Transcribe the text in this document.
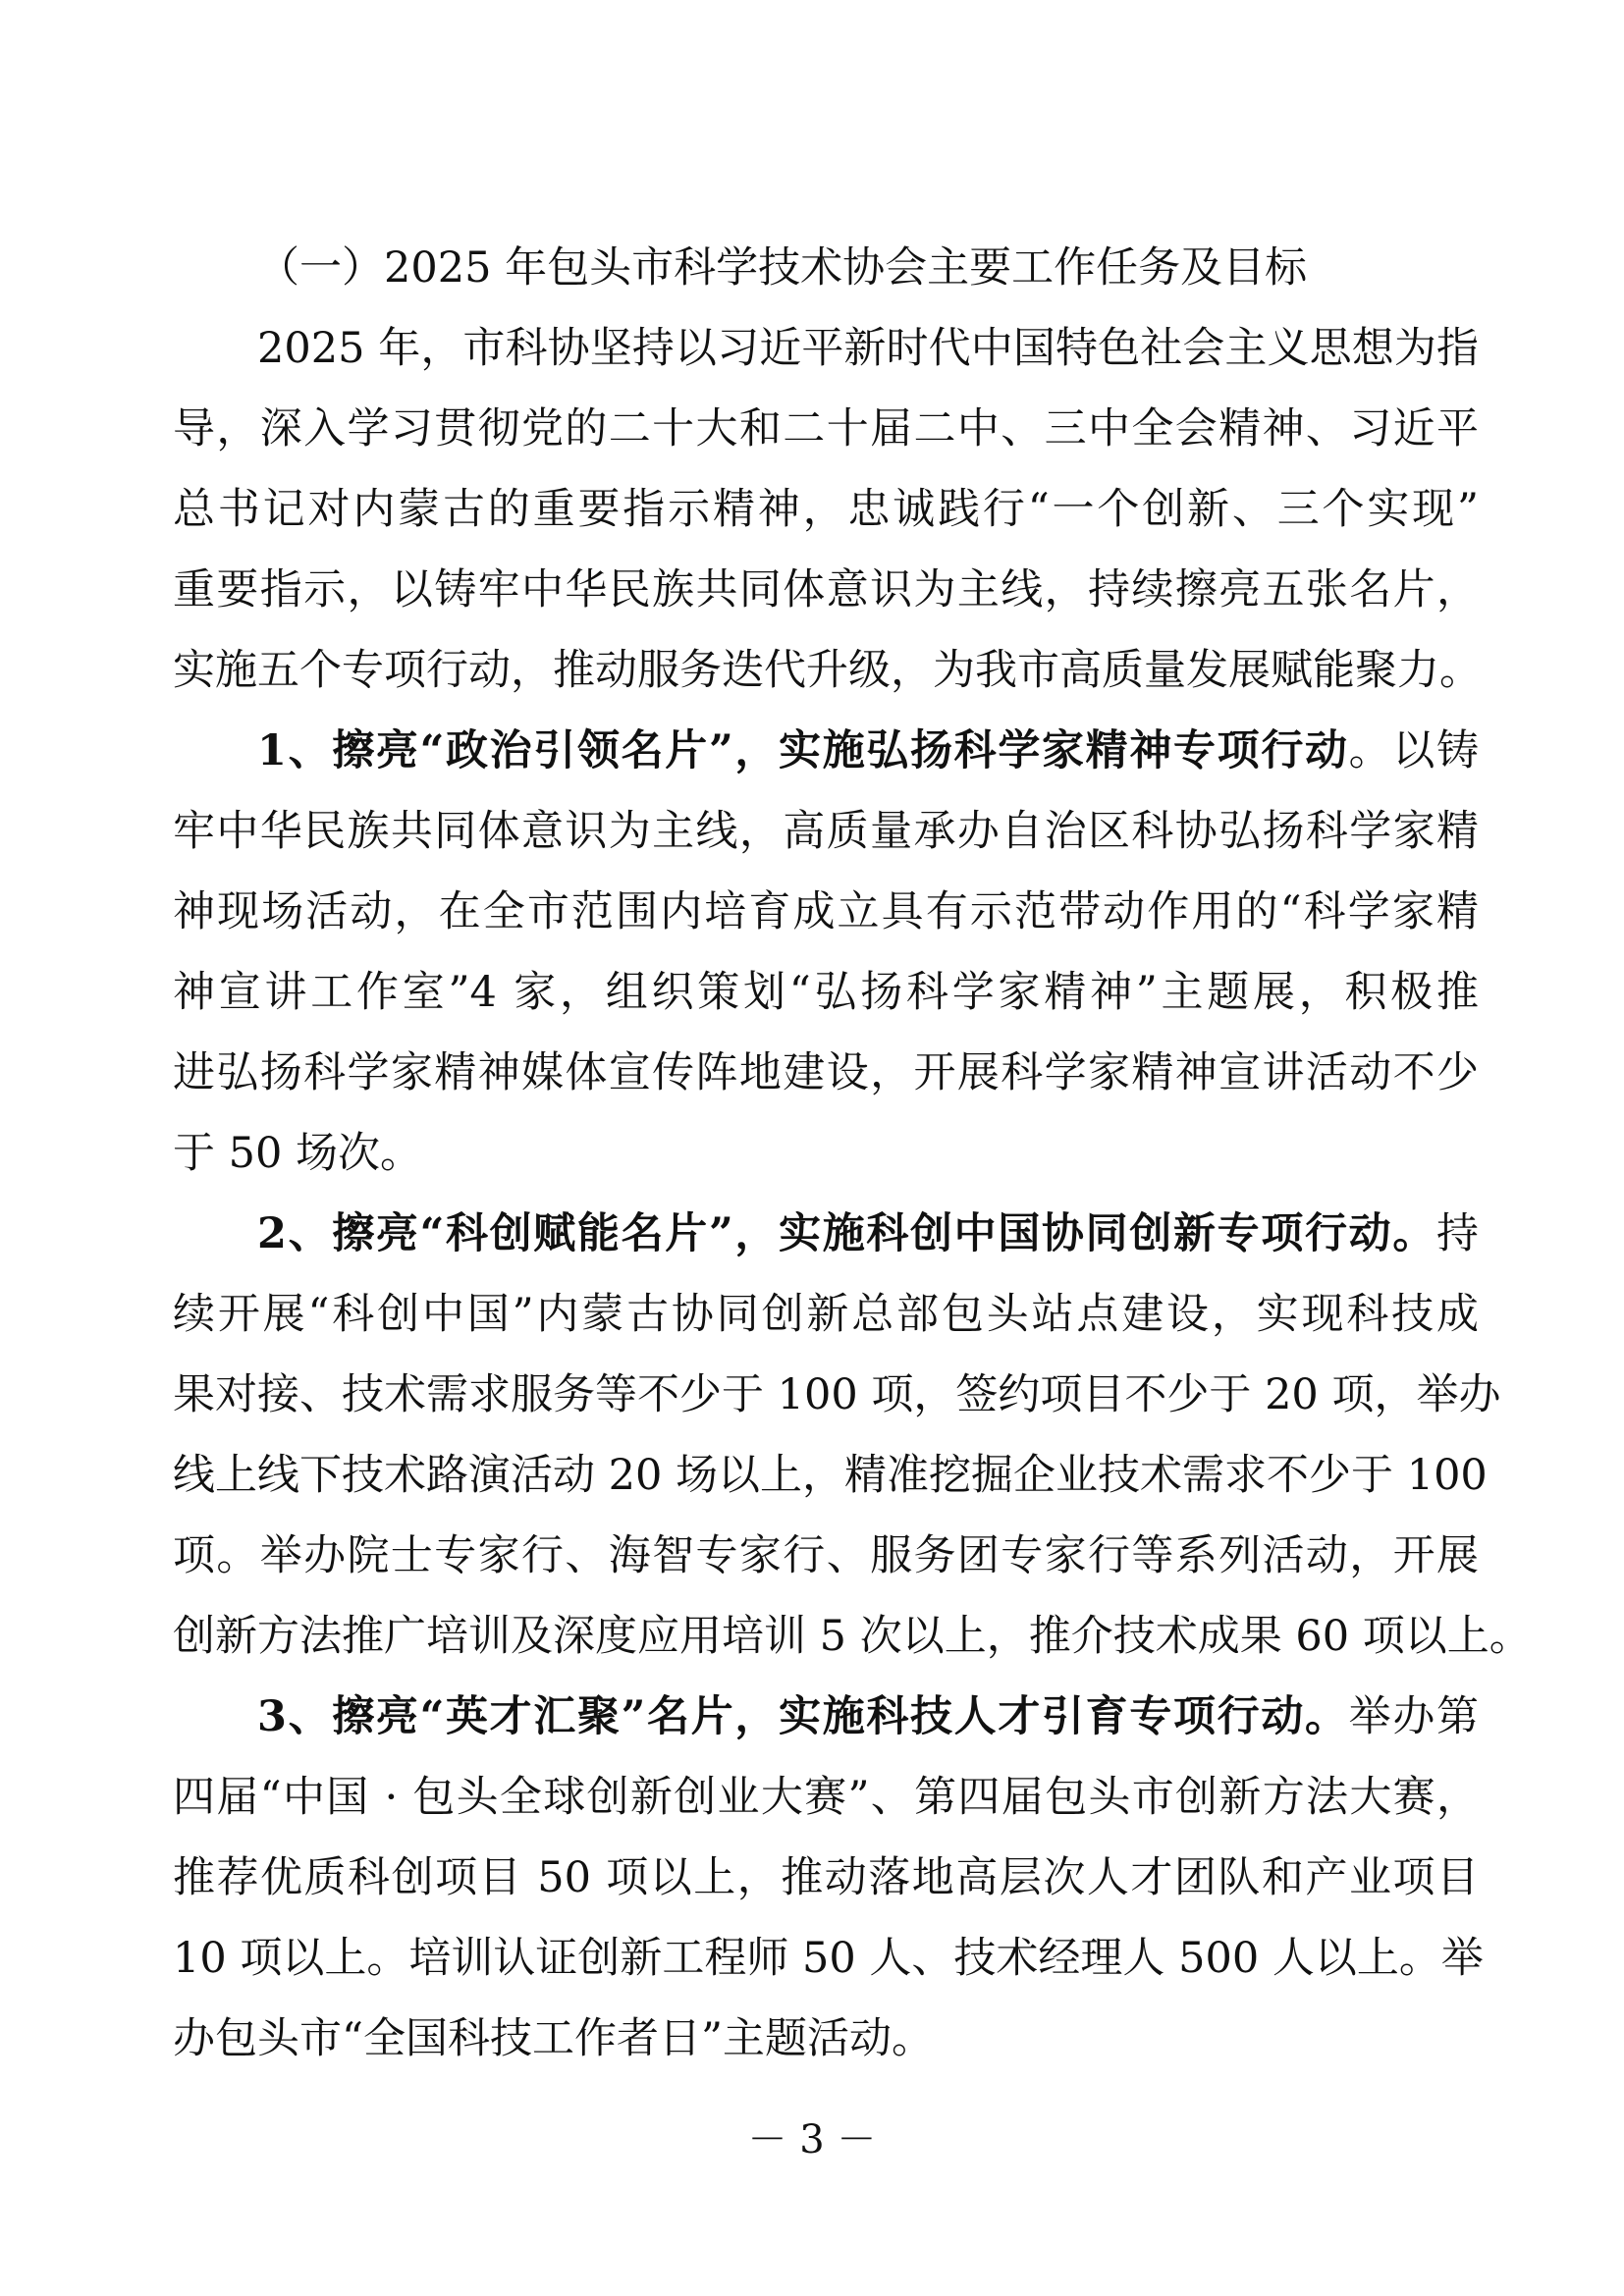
（一）2025 年包头市科学技术协会主要工作任务及目标
2025 年，市科协坚持以习近平新时代中国特色社会主义思想为指
导，深入学习贯彻党的二十大和二十届二中、三中全会精神、习近平
总书记对内蒙古的重要指示精神，忠诚践行“一个创新、三个实现”
重要指示，以铸牢中华民族共同体意识为主线，持续擦亮五张名片，
实施五个专项行动，推动服务迭代升级，为我市高质量发展赋能聚力。
1、擦亮“政治引领名片”，实施弘扬科学家精神专项行动。以铸
牢中华民族共同体意识为主线，高质量承办自治区科协弘扬科学家精
神现场活动，在全市范围内培育成立具有示范带动作用的“科学家精
神宣讲工作室”4 家，组织策划“弘扬科学家精神”主题展，积极推
进弘扬科学家精神媒体宣传阵地建设，开展科学家精神宣讲活动不少
于 50 场次。
2、擦亮“科创赋能名片”，实施科创中国协同创新专项行动。持
续开展“科创中国”内蒙古协同创新总部包头站点建设，实现科技成
果对接、技术需求服务等不少于 100 项，签约项目不少于 20 项，举办
线上线下技术路演活动 20 场以上，精准挖掘企业技术需求不少于 100
项。举办院士专家行、海智专家行、服务团专家行等系列活动，开展
创新方法推广培训及深度应用培训 5 次以上，推介技术成果 60 项以上。
3、擦亮“英才汇聚”名片，实施科技人才引育专项行动。举办第
四届“中国 · 包头全球创新创业大赛”、第四届包头市创新方法大赛，
推荐优质科创项目 50 项以上，推动落地高层次人才团队和产业项目
10 项以上。培训认证创新工程师 50 人、技术经理人 500 人以上。举
办包头市“全国科技工作者日”主题活动。
－ 3 －
